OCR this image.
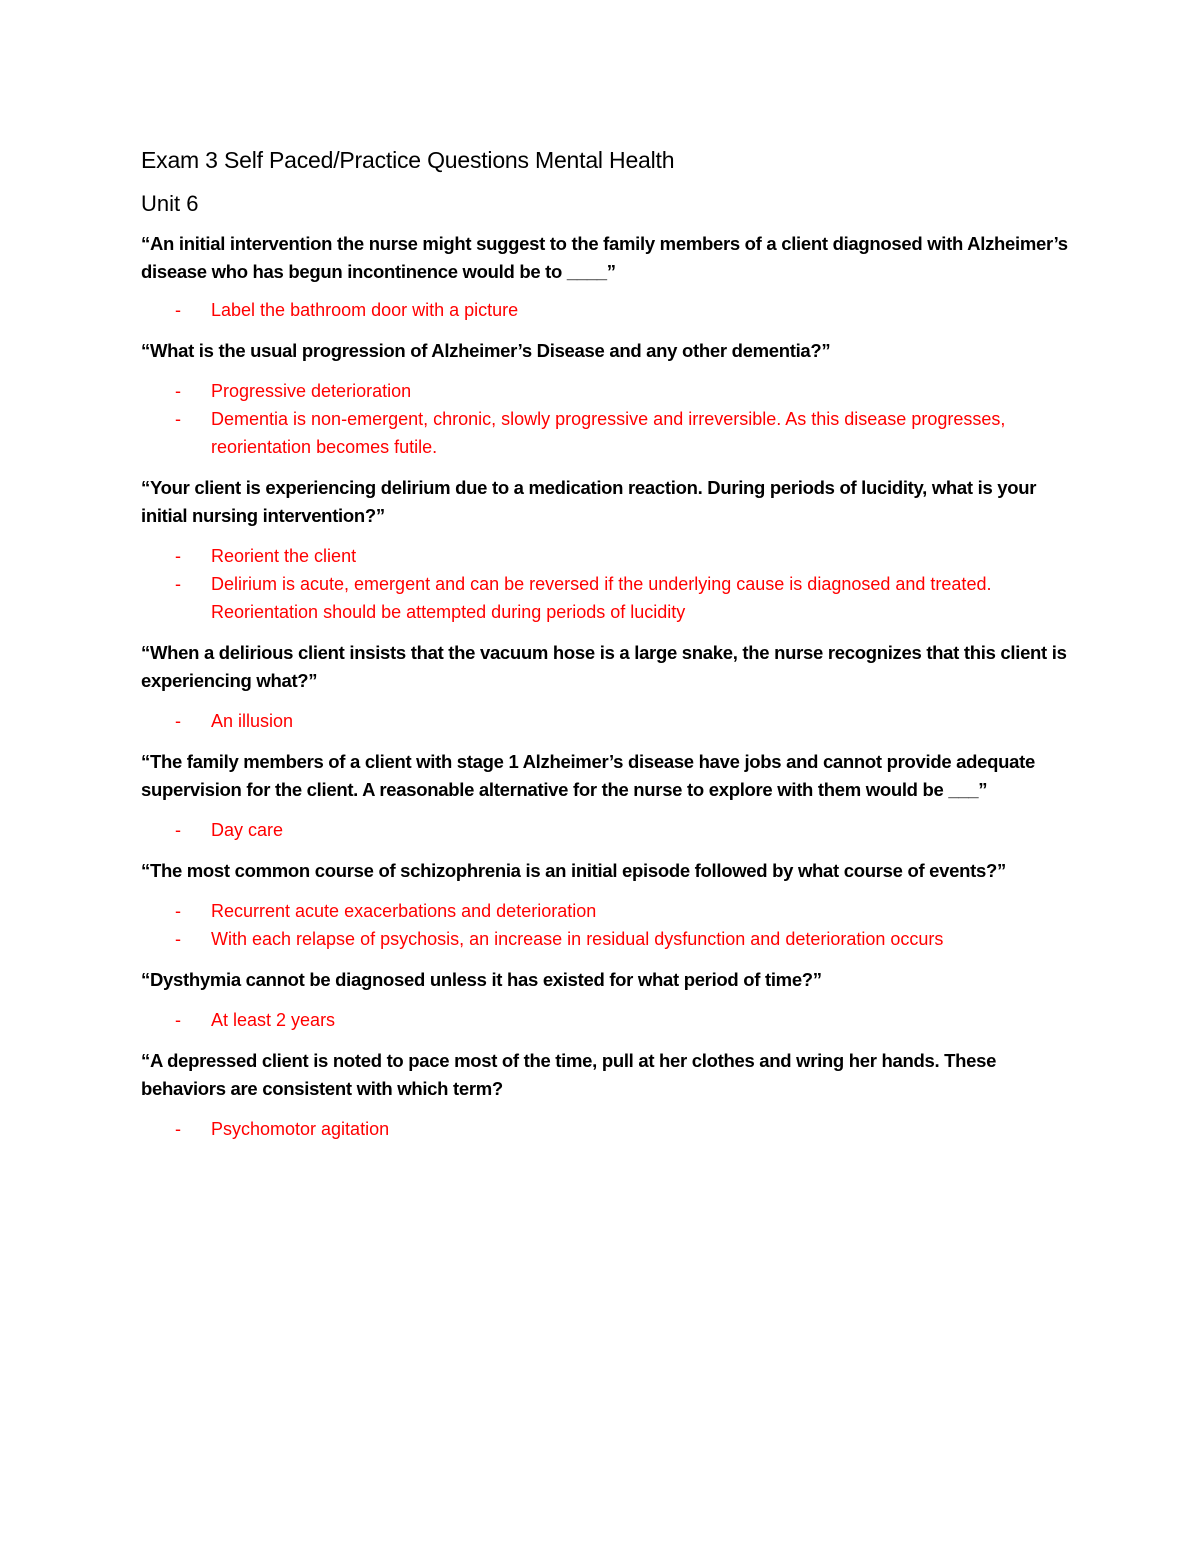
Exam 3 Self Paced/Practice Questions Mental Health
Unit 6

“An initial intervention the nurse might suggest to the family members of a client diagnosed with Alzheimer’s disease who has begun incontinence would be to ____”

- Label the bathroom door with a picture

“What is the usual progression of Alzheimer’s Disease and any other dementia?”

- Progressive deterioration
- Dementia is non-emergent, chronic, slowly progressive and irreversible. As this disease progresses, reorientation becomes futile.

“Your client is experiencing delirium due to a medication reaction. During periods of lucidity, what is your initial nursing intervention?”

- Reorient the client
- Delirium is acute, emergent and can be reversed if the underlying cause is diagnosed and treated. Reorientation should be attempted during periods of lucidity

“When a delirious client insists that the vacuum hose is a large snake, the nurse recognizes that this client is experiencing what?”

- An illusion

“The family members of a client with stage 1 Alzheimer’s disease have jobs and cannot provide adequate supervision for the client. A reasonable alternative for the nurse to explore with them would be ___”

- Day care

“The most common course of schizophrenia is an initial episode followed by what course of events?”

- Recurrent acute exacerbations and deterioration
- With each relapse of psychosis, an increase in residual dysfunction and deterioration occurs

“Dysthymia cannot be diagnosed unless it has existed for what period of time?”

- At least 2 years

“A depressed client is noted to pace most of the time, pull at her clothes and wring her hands. These behaviors are consistent with which term?

- Psychomotor agitation
